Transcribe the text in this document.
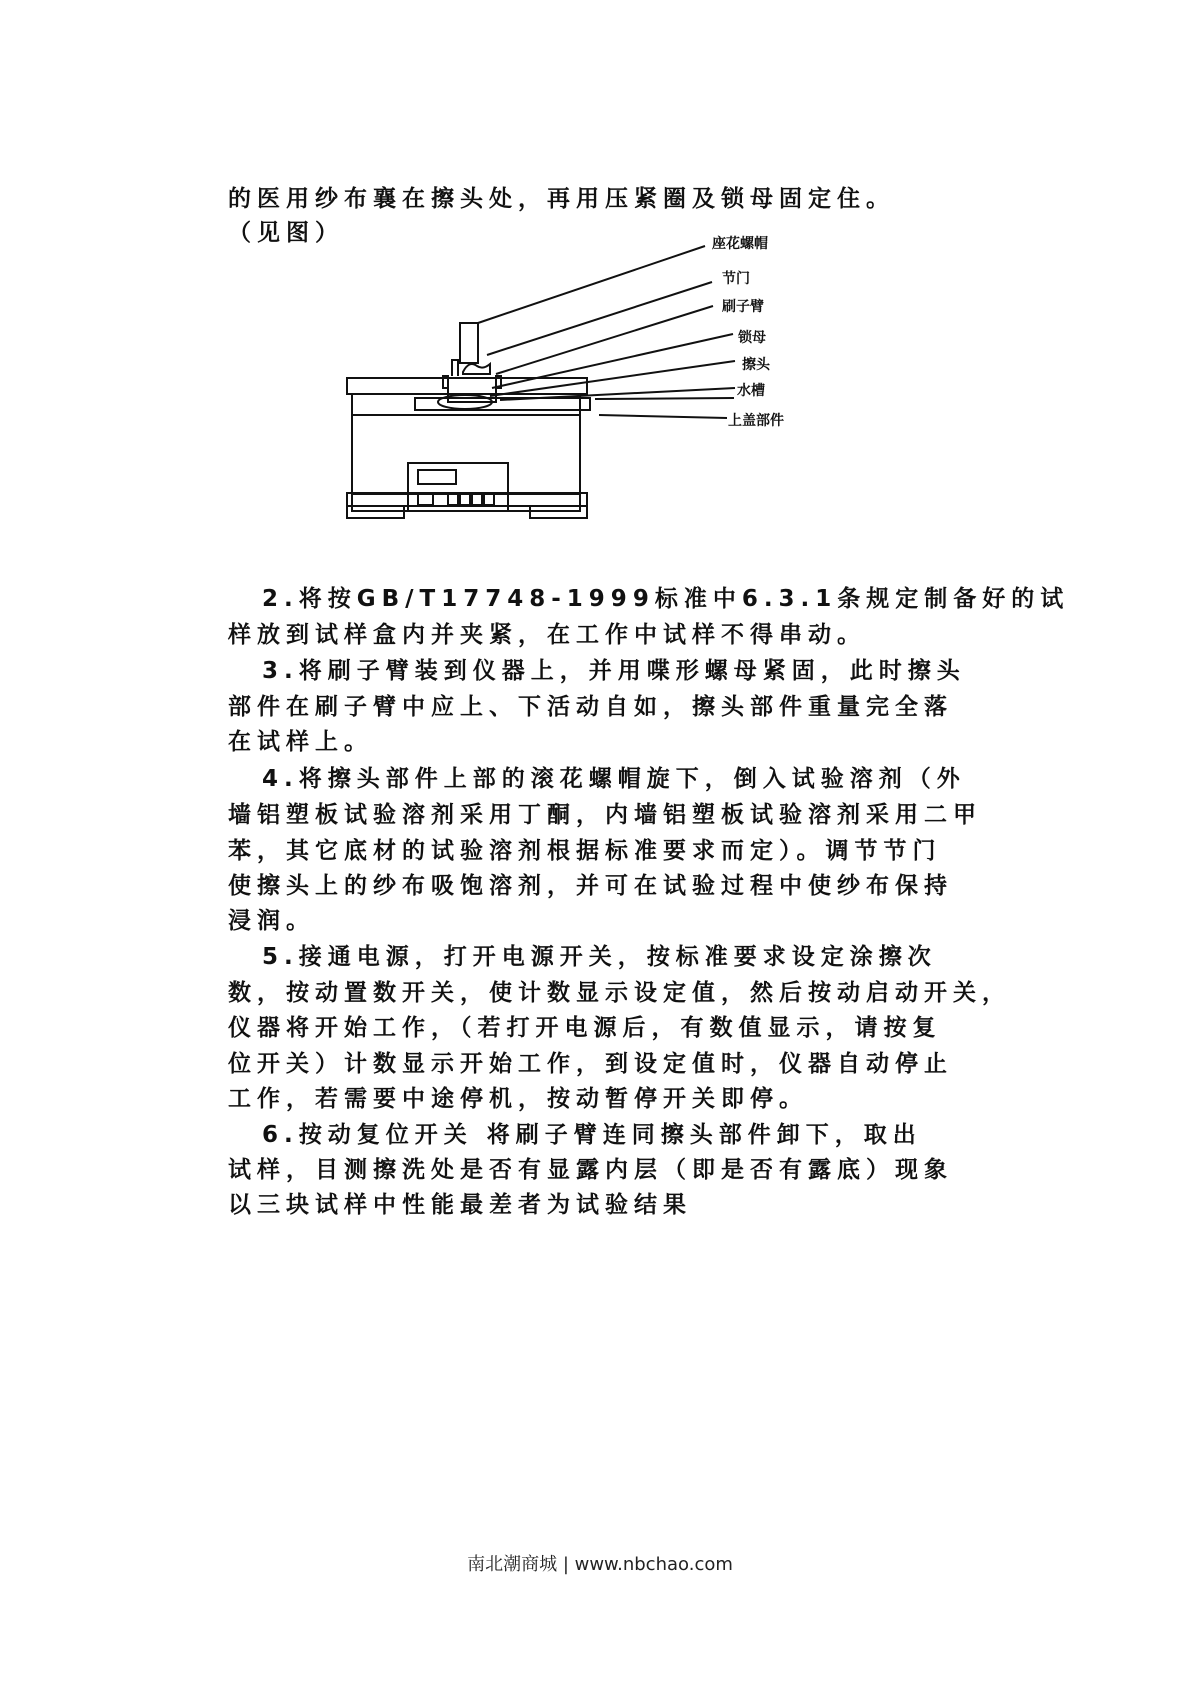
的医用纱布襄在擦头处，再用压紧圈及锁母固定住。
（见图）	座花螺帽
节门
刷子臂
锁母
擦头
水槽
上盖部件
2.将按GB/T17748-1999标准中6.3.1条规定制备好的试
样放到试样盒内并夹紧，在工作中试样不得串动。
3.将刷子臂装到仪器上，并用喋形螺母紧固，此时擦头
部件在刷子臂中应上、下活动自如，擦头部件重量完全落
在试样上。
4.将擦头部件上部的滚花螺帽旋下，倒入试验溶剂（外
墙铝塑板试验溶剂采用丁酮，内墙铝塑板试验溶剂采用二甲
苯，其它底材的试验溶剂根据标准要求而定）。调节节门
使擦头上的纱布吸饱溶剂，并可在试验过程中使纱布保持
浸润。
5.接通电源，打开电源开关，按标准要求设定涂擦次
数，按动置数开关，使计数显示设定值，然后按动启动开关，
仪器将开始工作，（若打开电源后，有数值显示，请按复
位开关）计数显示开始工作，到设定值时，仪器自动停止
工作，若需要中途停机，按动暂停开关即停。
6.按动复位开关 将刷子臂连同擦头部件卸下，取出
试样，目测擦洗处是否有显露内层（即是否有露底）现象
以三块试样中性能最差者为试验结果
南北潮商城 | www.nbchao.com
